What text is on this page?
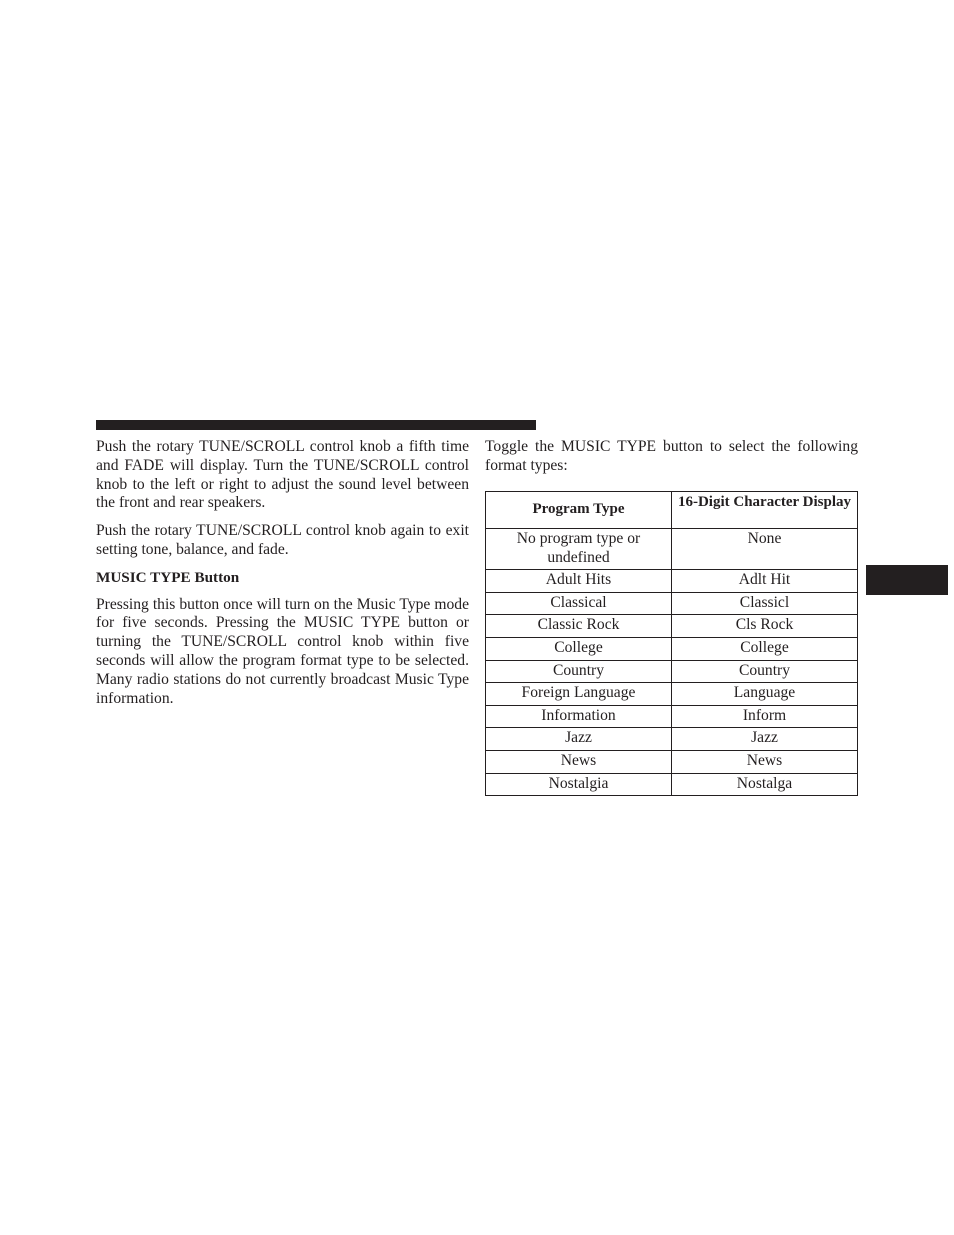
Push the rotary TUNE/SCROLL control knob a fifth time and FADE will display. Turn the TUNE/SCROLL control knob to the left or right to adjust the sound level between the front and rear speakers.

Push the rotary TUNE/SCROLL control knob again to exit setting tone, balance, and fade.

MUSIC TYPE Button

Pressing this button once will turn on the Music Type mode for five seconds. Pressing the MUSIC TYPE button or turning the TUNE/SCROLL control knob within five seconds will allow the program format type to be selected. Many radio stations do not currently broadcast Music Type information.

Toggle the MUSIC TYPE button to select the following format types:

Program Type	16-Digit Character Display
No program type or undefined	None
Adult Hits	Adlt Hit
Classical	Classicl
Classic Rock	Cls Rock
College	College
Country	Country
Foreign Language	Language
Information	Inform
Jazz	Jazz
News	News
Nostalgia	Nostalga
